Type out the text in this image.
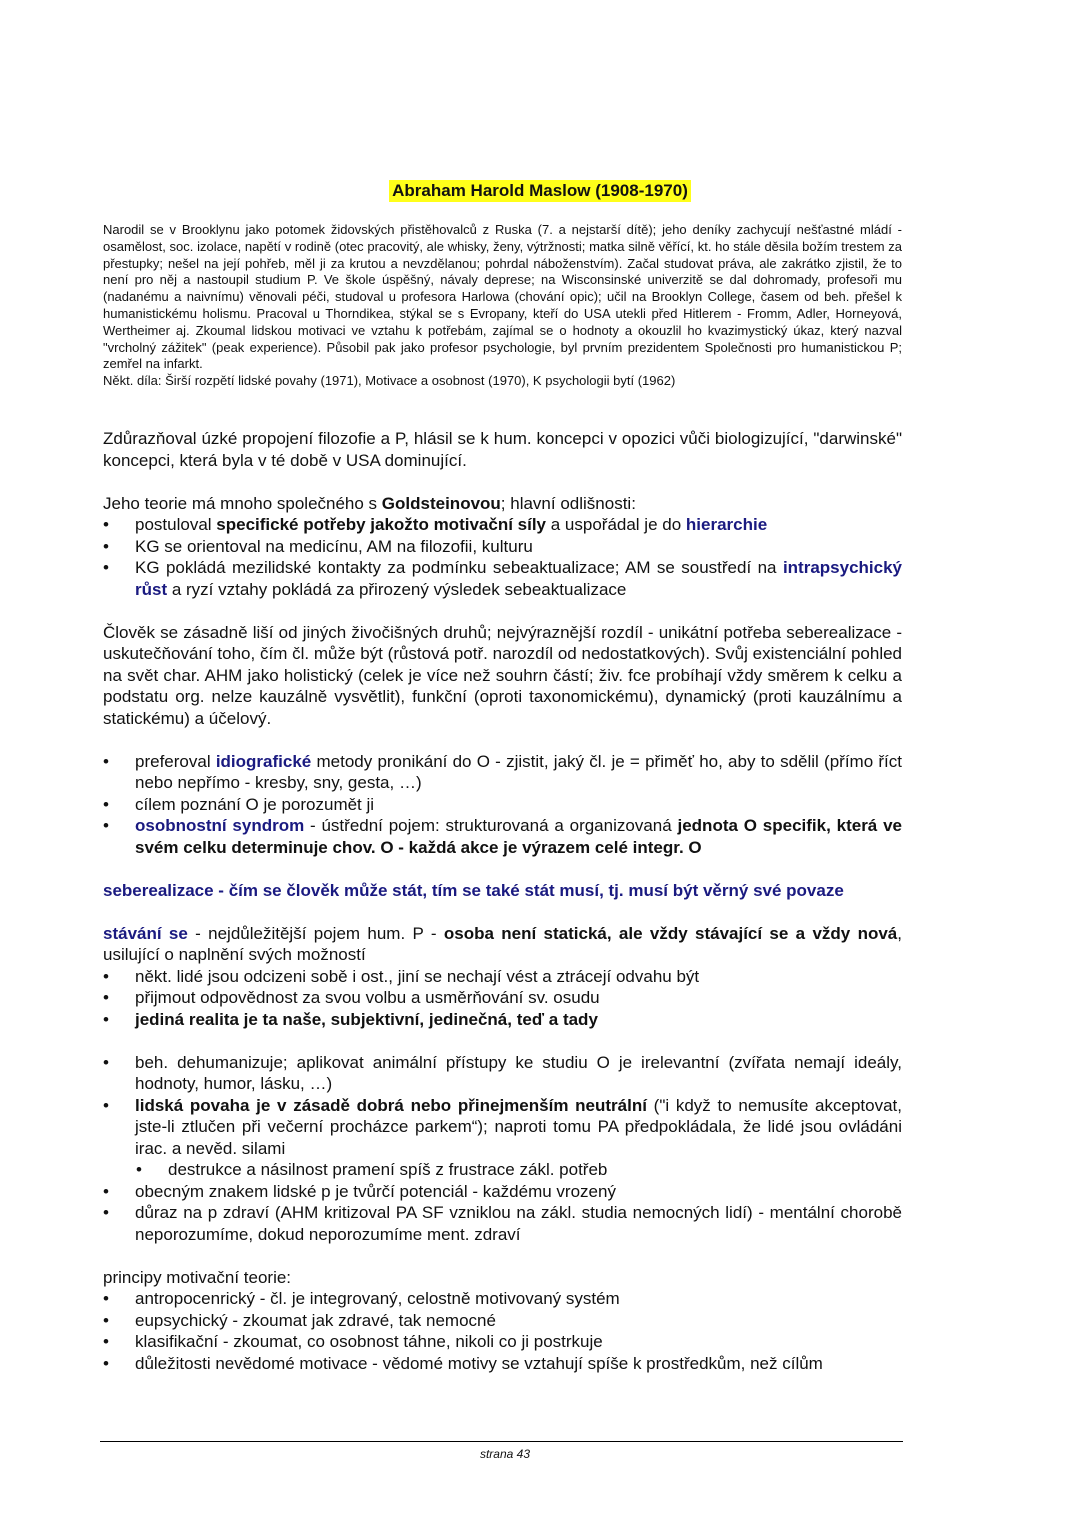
Abraham Harold Maslow (1908-1970)

Narodil se v Brooklynu jako potomek židovských přistěhovalců z Ruska (7. a nejstarší dítě); jeho deníky zachycují nešťastné mládí - osamělost, soc. izolace, napětí v rodině (otec pracovitý, ale whisky, ženy, výtržnosti; matka silně věřící, kt. ho stále děsila božím trestem za přestupky; nešel na její pohřeb, měl ji za krutou a nevzdělanou; pohrdal náboženstvím). Začal studovat práva, ale zakrátko zjistil, že to není pro něj a nastoupil studium P. Ve škole úspěšný, návaly deprese; na Wisconsinské univerzitě se dal dohromady, profesoři mu (nadanému a naivnímu) věnovali péči, studoval u profesora Harlowa (chování opic); učil na Brooklyn College, časem od beh. přešel k humanistickému holismu. Pracoval u Thorndikea, stýkal se s Evropany, kteří do USA utekli před Hitlerem - Fromm, Adler, Horneyová, Wertheimer aj. Zkoumal lidskou motivaci ve vztahu k potřebám, zajímal se o hodnoty a okouzlil ho kvazimystický úkaz, který nazval "vrcholný zážitek" (peak experience). Působil pak jako profesor psychologie, byl prvním prezidentem Společnosti pro humanistickou P; zemřel na infarkt.

Někt. díla: Širší rozpětí lidské povahy (1971), Motivace a osobnost (1970), K psychologii bytí (1962)

Zdůrazňoval úzké propojení filozofie a P, hlásil se k hum. koncepci v opozici vůči biologizující, "darwinské" koncepci, která byla v té době v USA dominující.

Jeho teorie má mnoho společného s Goldsteinovou; hlavní odlišnosti:

• postuloval specifické potřeby jakožto motivační síly a uspořádal je do hierarchie
• KG se orientoval na medicínu, AM na filozofii, kulturu
• KG pokládá mezilidské kontakty za podmínku sebeaktualizace; AM se soustředí na intrapsychický růst a ryzí vztahy pokládá za přirozený výsledek sebeaktualizace

Člověk se zásadně liší od jiných živočišných druhů; nejvýraznější rozdíl - unikátní potřeba seberealizace - uskutečňování toho, čím čl. může být (růstová potř. narozdíl od nedostatkových). Svůj existenciální pohled na svět char. AHM jako holistický (celek je více než souhrn částí; živ. fce probíhají vždy směrem k celku a podstatu org. nelze kauzálně vysvětlit), funkční (oproti taxonomickému), dynamický (proti kauzálnímu a statickému) a účelový.

• preferoval idiografické metody pronikání do O - zjistit, jaký čl. je = přiměť ho, aby to sdělil (přímo říct nebo nepřímo - kresby, sny, gesta, …)
• cílem poznání O je porozumět ji
• osobnostní syndrom - ústřední pojem: strukturovaná a organizovaná jednota O specifik, která ve svém celku determinuje chov. O - každá akce je výrazem celé integr. O

seberealizace - čím se člověk může stát, tím se také stát musí, tj. musí být věrný své povaze

stávání se - nejdůležitější pojem hum. P - osoba není statická, ale vždy stávající se a vždy nová, usilující o naplnění svých možností

• někt. lidé jsou odcizeni sobě i ost., jiní se nechají vést a ztrácejí odvahu být
• přijmout odpovědnost za svou volbu a usměrňování sv. osudu
• jediná realita je ta naše, subjektivní, jedinečná, teď a tady
• beh. dehumanizuje; aplikovat animální přístupy ke studiu O je irelevantní (zvířata nemají ideály, hodnoty, humor, lásku, …)
• lidská povaha je v zásadě dobrá nebo přinejmenším neutrální ("i když to nemusíte akceptovat, jste-li ztlučen při večerní procházce parkem“); naproti tomu PA předpokládala, že lidé jsou ovládáni irac. a nevěd. silami
• destrukce a násilnost pramení spíš z frustrace zákl. potřeb
• obecným znakem lidské p je tvůrčí potenciál - každému vrozený
• důraz na p zdraví (AHM kritizoval PA SF vzniklou na zákl. studia nemocných lidí) - mentální chorobě neporozumíme, dokud neporozumíme ment. zdraví

principy motivační teorie:

• antropocenrický - čl. je integrovaný, celostně motivovaný systém
• eupsychický - zkoumat jak zdravé, tak nemocné
• klasifikační - zkoumat, co osobnost táhne, nikoli co ji postrkuje
• důležitosti nevědomé motivace - vědomé motivy se vztahují spíše k prostředkům, než cílům
strana 43
